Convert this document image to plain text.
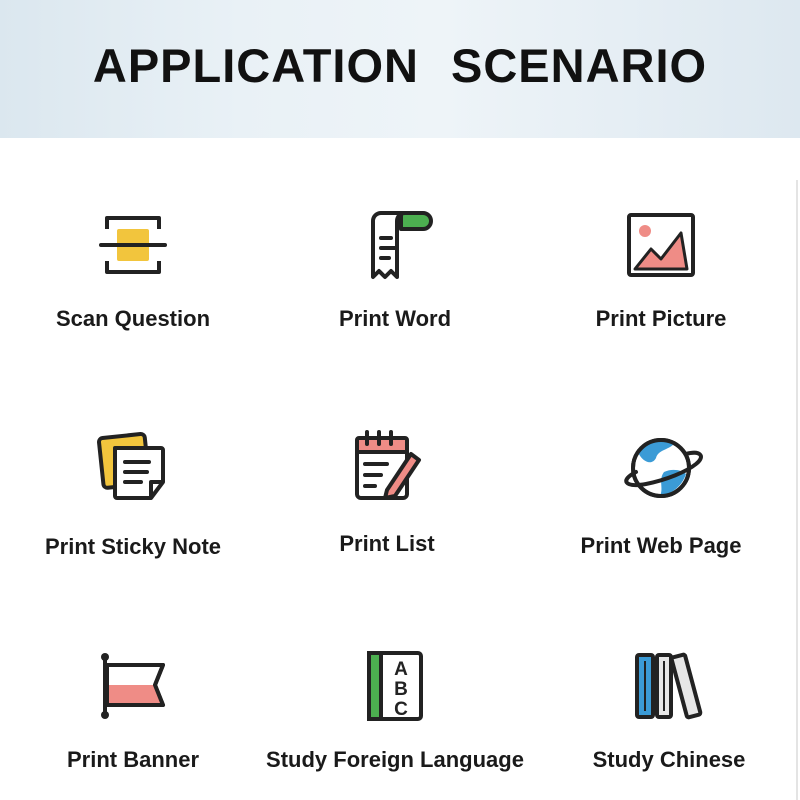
APPLICATION SCENARIO
Scan Question	Print Word	Print Picture
Print Sticky Note	Print List	Print Web Page
Print Banner
A
B
C
Study Foreign Language	Study Chinese
